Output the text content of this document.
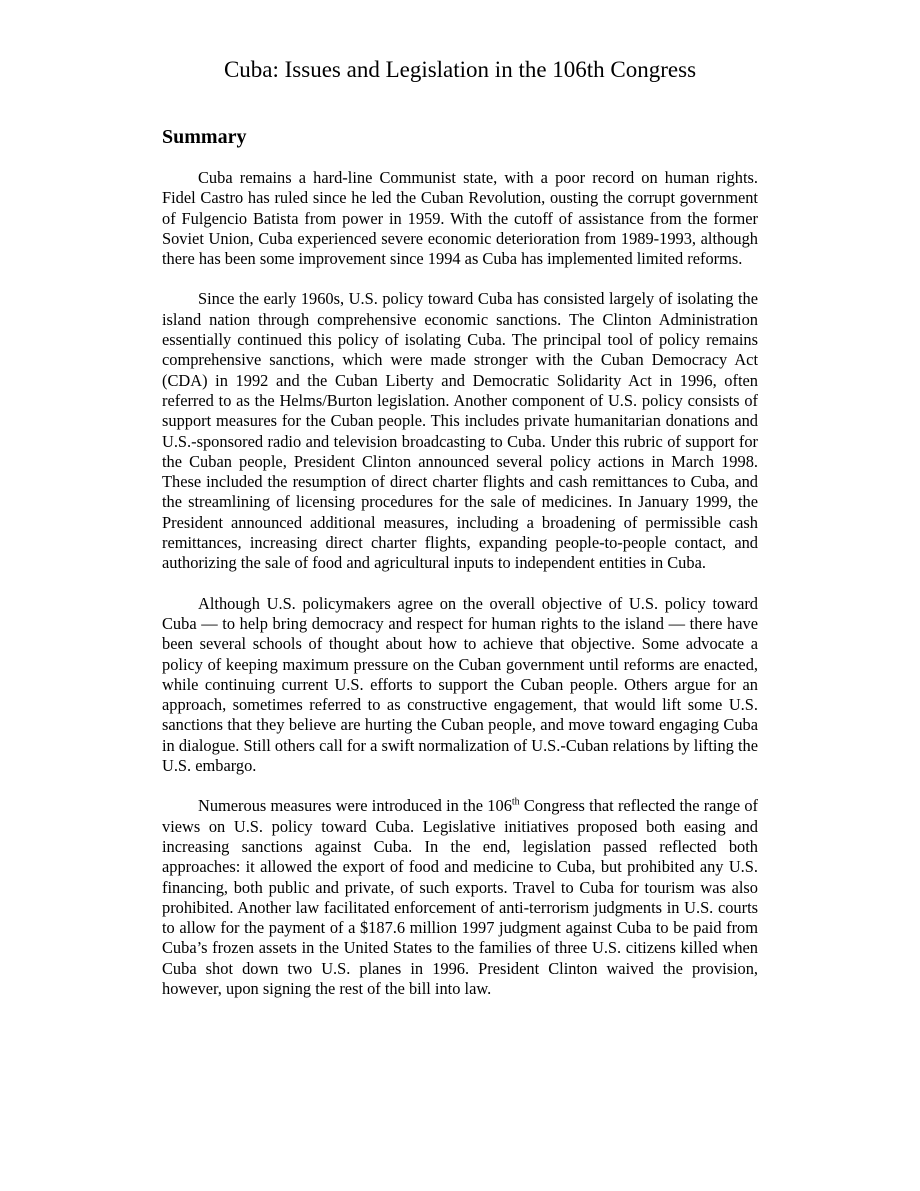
Cuba: Issues and Legislation in the 106th Congress
Summary

Cuba remains a hard-line Communist state, with a poor record on human rights. Fidel Castro has ruled since he led the Cuban Revolution, ousting the corrupt government of Fulgencio Batista from power in 1959. With the cutoff of assistance from the former Soviet Union, Cuba experienced severe economic deterioration from 1989-1993, although there has been some improvement since 1994 as Cuba has implemented limited reforms.

Since the early 1960s, U.S. policy toward Cuba has consisted largely of isolating the island nation through comprehensive economic sanctions. The Clinton Administration essentially continued this policy of isolating Cuba. The principal tool of policy remains comprehensive sanctions, which were made stronger with the Cuban Democracy Act (CDA) in 1992 and the Cuban Liberty and Democratic Solidarity Act in 1996, often referred to as the Helms/Burton legislation. Another component of U.S. policy consists of support measures for the Cuban people. This includes private humanitarian donations and U.S.-sponsored radio and television broadcasting to Cuba. Under this rubric of support for the Cuban people, President Clinton announced several policy actions in March 1998. These included the resumption of direct charter flights and cash remittances to Cuba, and the streamlining of licensing procedures for the sale of medicines. In January 1999, the President announced additional measures, including a broadening of permissible cash remittances, increasing direct charter flights, expanding people-to-people contact, and authorizing the sale of food and agricultural inputs to independent entities in Cuba.

Although U.S. policymakers agree on the overall objective of U.S. policy toward Cuba — to help bring democracy and respect for human rights to the island — there have been several schools of thought about how to achieve that objective. Some advocate a policy of keeping maximum pressure on the Cuban government until reforms are enacted, while continuing current U.S. efforts to support the Cuban people. Others argue for an approach, sometimes referred to as constructive engagement, that would lift some U.S. sanctions that they believe are hurting the Cuban people, and move toward engaging Cuba in dialogue. Still others call for a swift normalization of U.S.-Cuban relations by lifting the U.S. embargo.

Numerous measures were introduced in the 106th Congress that reflected the range of views on U.S. policy toward Cuba. Legislative initiatives proposed both easing and increasing sanctions against Cuba. In the end, legislation passed reflected both approaches: it allowed the export of food and medicine to Cuba, but prohibited any U.S. financing, both public and private, of such exports. Travel to Cuba for tourism was also prohibited. Another law facilitated enforcement of anti-terrorism judgments in U.S. courts to allow for the payment of a $187.6 million 1997 judgment against Cuba to be paid from Cuba’s frozen assets in the United States to the families of three U.S. citizens killed when Cuba shot down two U.S. planes in 1996. President Clinton waived the provision, however, upon signing the rest of the bill into law.
